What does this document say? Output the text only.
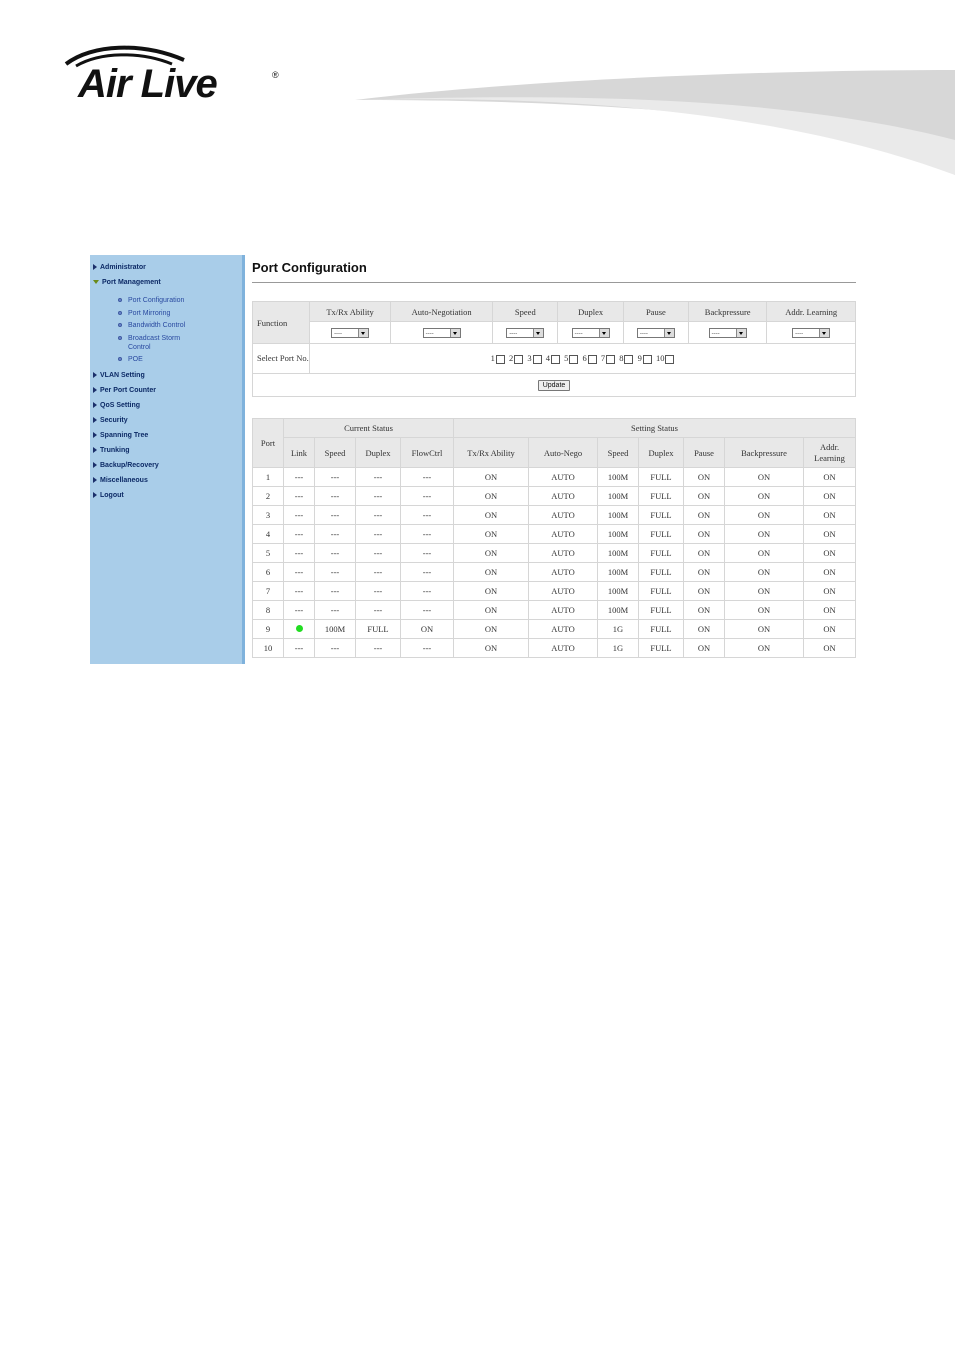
Air Live	®
Administrator
Port Management
Port Configuration
Port Mirroring
Bandwidth Control
Broadcast Storm Control
POE
VLAN Setting
Per Port Counter
QoS Setting
Security
Spanning Tree
Trunking
Backup/Recovery
Miscellaneous
Logout
Port Configuration
Function	Tx/Rx Ability	Auto-Negotiation	Speed	Duplex	Pause	Backpressure	Addr. Learning
	----	----	----	----	----	----	----

Select Port No.	1 2 3 4 5 6 7 8 9 10						
Update							
Port	Current Status				Setting Status						
	Link	Speed	Duplex	FlowCtrl	Tx/Rx Ability	Auto-Nego	Speed	Duplex	Pause	Backpressure	Addr. Learning
1	---	---	---	---	ON	AUTO	100M	FULL	ON	ON	ON
2	---	---	---	---	ON	AUTO	100M	FULL	ON	ON	ON
3	---	---	---	---	ON	AUTO	100M	FULL	ON	ON	ON
4	---	---	---	---	ON	AUTO	100M	FULL	ON	ON	ON
5	---	---	---	---	ON	AUTO	100M	FULL	ON	ON	ON
6	---	---	---	---	ON	AUTO	100M	FULL	ON	ON	ON
7	---	---	---	---	ON	AUTO	100M	FULL	ON	ON	ON
8	---	---	---	---	ON	AUTO	100M	FULL	ON	ON	ON
9		100M	FULL	ON	ON	AUTO	1G	FULL	ON	ON	ON
10	---	---	---	---	ON	AUTO	1G	FULL	ON	ON	ON
